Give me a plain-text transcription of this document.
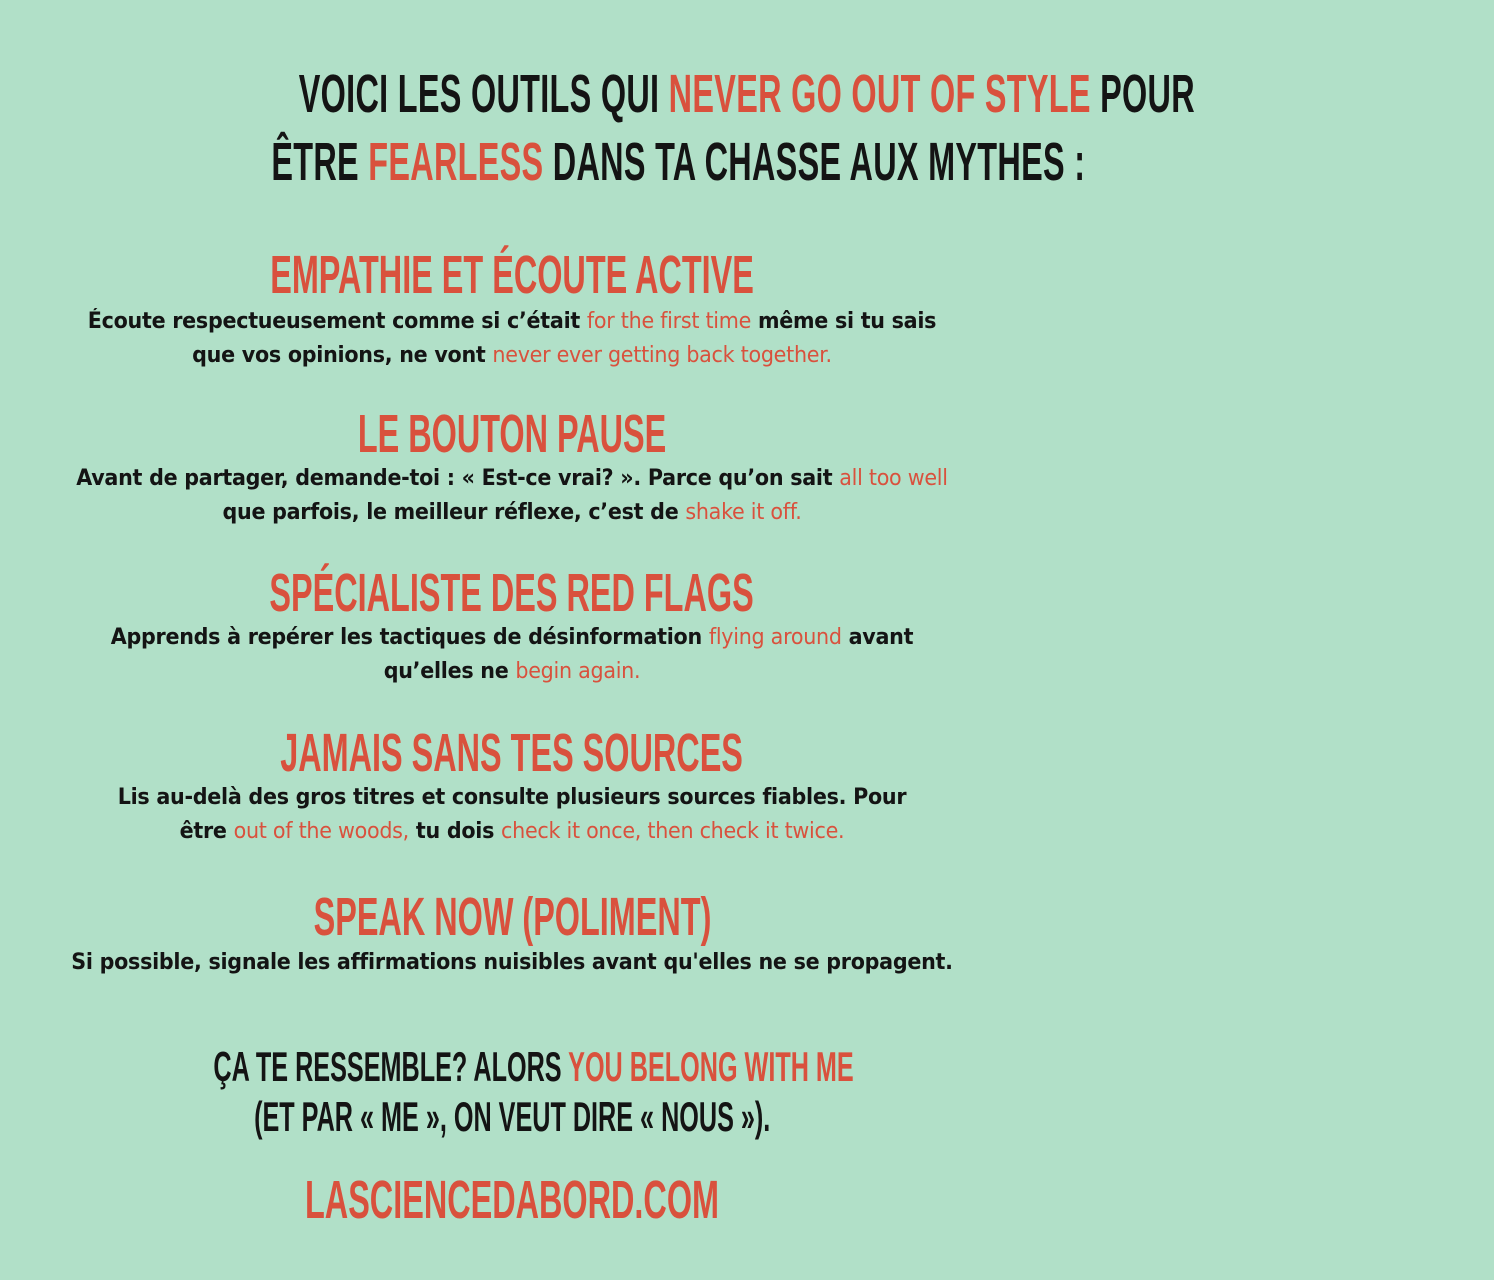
VOICI LES OUTILS QUI NEVER GO OUT OF STYLE POUR
ÊTRE FEARLESS DANS TA CHASSE AUX MYTHES :
EMPATHIE ET ÉCOUTE ACTIVE
Écoute respectueusement comme si c’était for the first time même si tu sais
que vos opinions, ne vont never ever getting back together.
LE BOUTON PAUSE
Avant de partager, demande-toi : « Est-ce vrai? ». Parce qu’on sait all too well
que parfois, le meilleur réflexe, c’est de shake it off.
SPÉCIALISTE DES RED FLAGS
Apprends à repérer les tactiques de désinformation flying around avant
qu’elles ne begin again.
JAMAIS SANS TES SOURCES
Lis au-delà des gros titres et consulte plusieurs sources fiables. Pour
être out of the woods, tu dois check it once, then check it twice.
SPEAK NOW (POLIMENT)
Si possible, signale les affirmations nuisibles avant qu'elles ne se propagent.
ÇA TE RESSEMBLE? ALORS YOU BELONG WITH ME
(ET PAR « ME », ON VEUT DIRE « NOUS »).
LASCIENCEDABORD.COM
